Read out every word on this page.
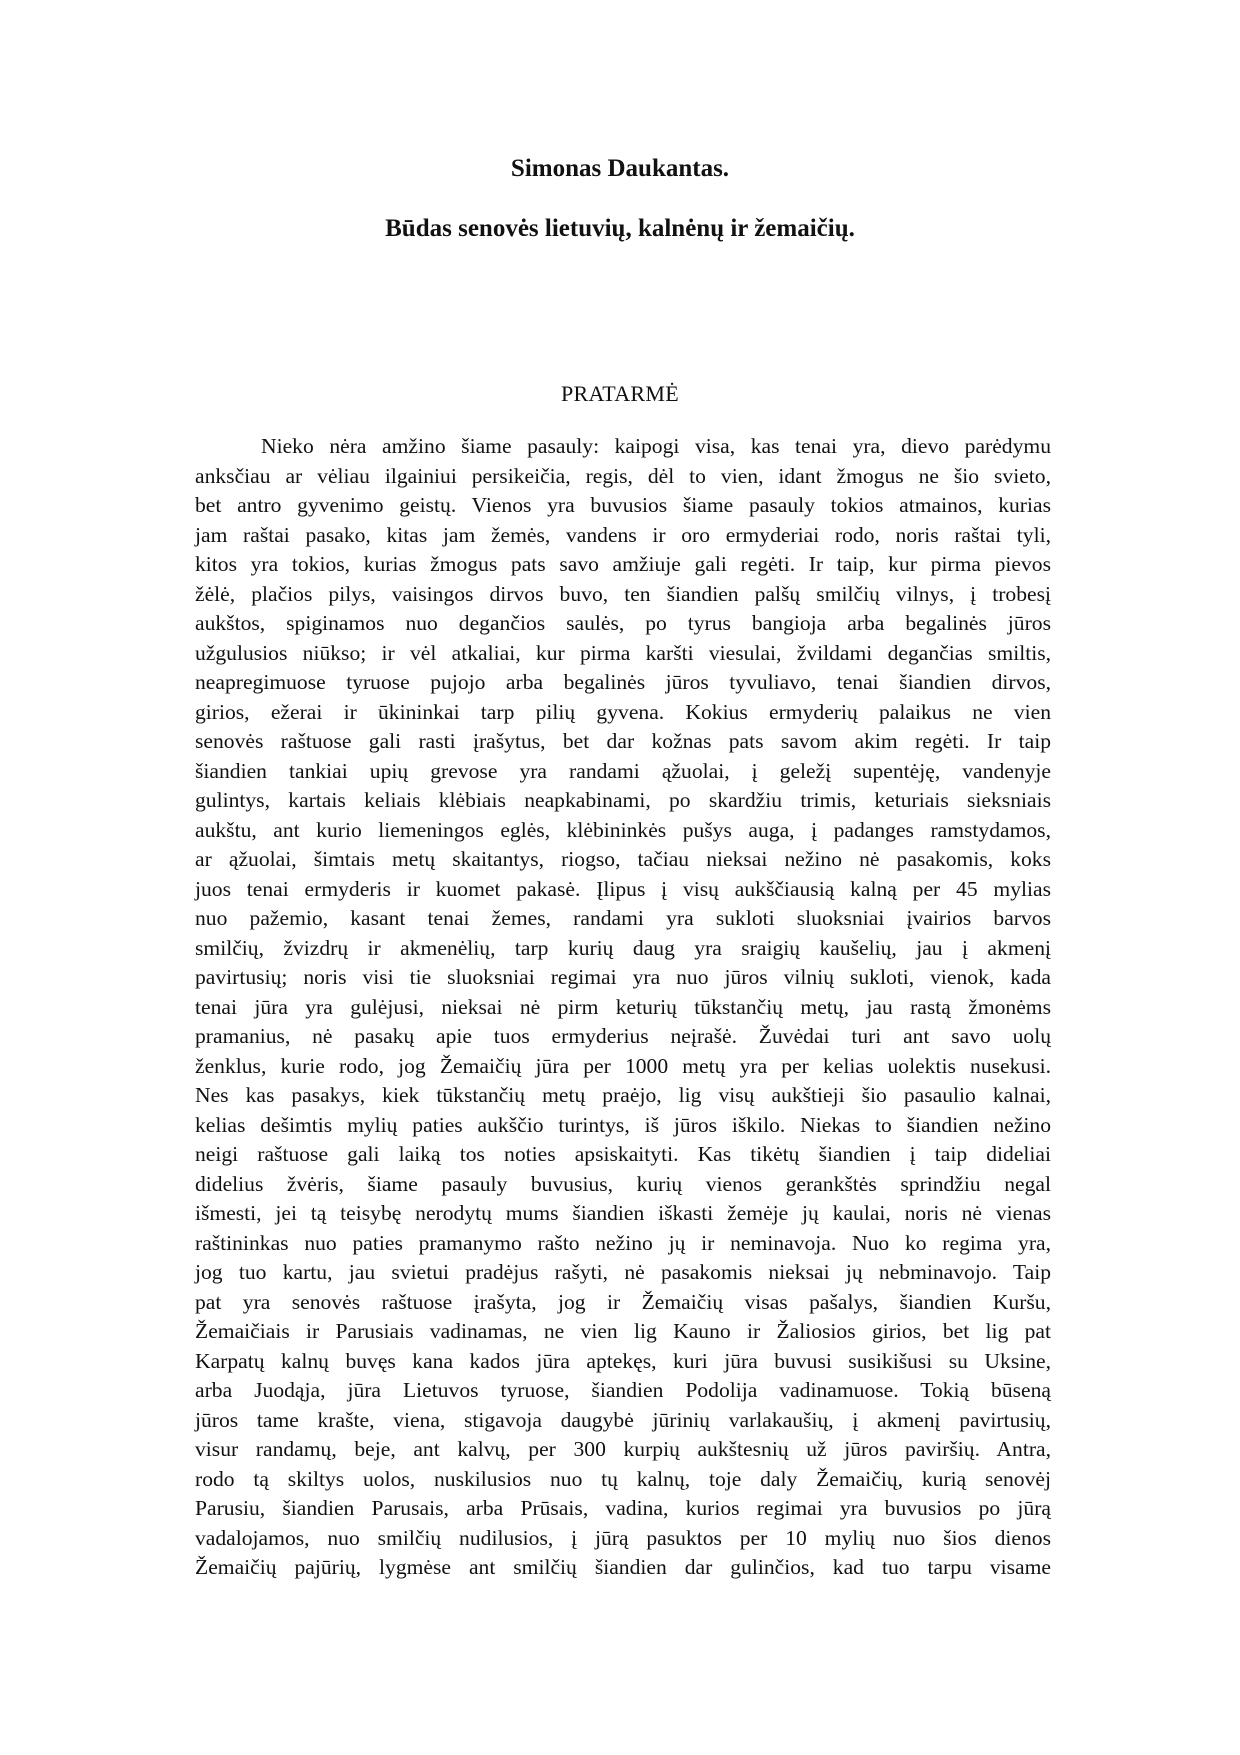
Simonas Daukantas.
Būdas senovės lietuvių, kalnėnų ir žemaičių.
PRATARMĖ
Nieko nėra amžino šiame pasauly: kaipogi visa, kas tenai yra, dievo parėdymu
anksčiau ar vėliau ilgainiui persikeičia, regis, dėl to vien, idant žmogus ne šio svieto,
bet antro gyvenimo geistų. Vienos yra buvusios šiame pasauly tokios atmainos, kurias
jam raštai pasako, kitas jam žemės, vandens ir oro ermyderiai rodo, noris raštai tyli,
kitos yra tokios, kurias žmogus pats savo amžiuje gali regėti. Ir taip, kur pirma pievos
žėlė, plačios pilys, vaisingos dirvos buvo, ten šiandien palšų smilčių vilnys, į trobesį
aukštos, spiginamos nuo degančios saulės, po tyrus bangioja arba begalinės jūros
užgulusios niūkso; ir vėl atkaliai, kur pirma karšti viesulai, žvildami degančias smiltis,
neapregimuose tyruose pujojo arba begalinės jūros tyvuliavo, tenai šiandien dirvos,
girios, ežerai ir ūkininkai tarp pilių gyvena. Kokius ermyderių palaikus ne vien
senovės raštuose gali rasti įrašytus, bet dar kožnas pats savom akim regėti. Ir taip
šiandien tankiai upių grevose yra randami ąžuolai, į geležį supentėję, vandenyje
gulintys, kartais keliais klėbiais neapkabinami, po skardžiu trimis, keturiais sieksniais
aukštu, ant kurio liemeningos eglės, klėbininkės pušys auga, į padanges ramstydamos,
ar ąžuolai, šimtais metų skaitantys, riogso, tačiau nieksai nežino nė pasakomis, koks
juos tenai ermyderis ir kuomet pakasė. Įlipus į visų aukščiausią kalną per 45 mylias
nuo pažemio, kasant tenai žemes, randami yra sukloti sluoksniai įvairios barvos
smilčių, žvizdrų ir akmenėlių, tarp kurių daug yra sraigių kaušelių, jau į akmenį
pavirtusių; noris visi tie sluoksniai regimai yra nuo jūros vilnių sukloti, vienok, kada
tenai jūra yra gulėjusi, nieksai nė pirm keturių tūkstančių metų, jau rastą žmonėms
pramanius, nė pasakų apie tuos ermyderius neįrašė. Žuvėdai turi ant savo uolų
ženklus, kurie rodo, jog Žemaičių jūra per 1000 metų yra per kelias uolektis nusekusi.
Nes kas pasakys, kiek tūkstančių metų praėjo, lig visų aukštieji šio pasaulio kalnai,
kelias dešimtis mylių paties aukščio turintys, iš jūros iškilo. Niekas to šiandien nežino
neigi raštuose gali laiką tos noties apsiskaityti. Kas tikėtų šiandien į taip dideliai
didelius žvėris, šiame pasauly buvusius, kurių vienos gerankštės sprindžiu negal
išmesti, jei tą teisybę nerodytų mums šiandien iškasti žemėje jų kaulai, noris nė vienas
raštininkas nuo paties pramanymo rašto nežino jų ir neminavoja. Nuo ko regima yra,
jog tuo kartu, jau svietui pradėjus rašyti, nė pasakomis nieksai jų nebminavojo. Taip
pat yra senovės raštuose įrašyta, jog ir Žemaičių visas pašalys, šiandien Kuršu,
Žemaičiais ir Parusiais vadinamas, ne vien lig Kauno ir Žaliosios girios, bet lig pat
Karpatų kalnų buvęs kana kados jūra aptekęs, kuri jūra buvusi susikišusi su Uksine,
arba Juodąja, jūra Lietuvos tyruose, šiandien Podolija vadinamuose. Tokią būseną
jūros tame krašte, viena, stigavoja daugybė jūrinių varlakaušių, į akmenį pavirtusių,
visur randamų, beje, ant kalvų, per 300 kurpių aukštesnių už jūros paviršių. Antra,
rodo tą skiltys uolos, nuskilusios nuo tų kalnų, toje daly Žemaičių, kurią senovėj
Parusiu, šiandien Parusais, arba Prūsais, vadina, kurios regimai yra buvusios po jūrą
vadalojamos, nuo smilčių nudilusios, į jūrą pasuktos per 10 mylių nuo šios dienos
Žemaičių pajūrių, lygmėse ant smilčių šiandien dar gulinčios, kad tuo tarpu visame
